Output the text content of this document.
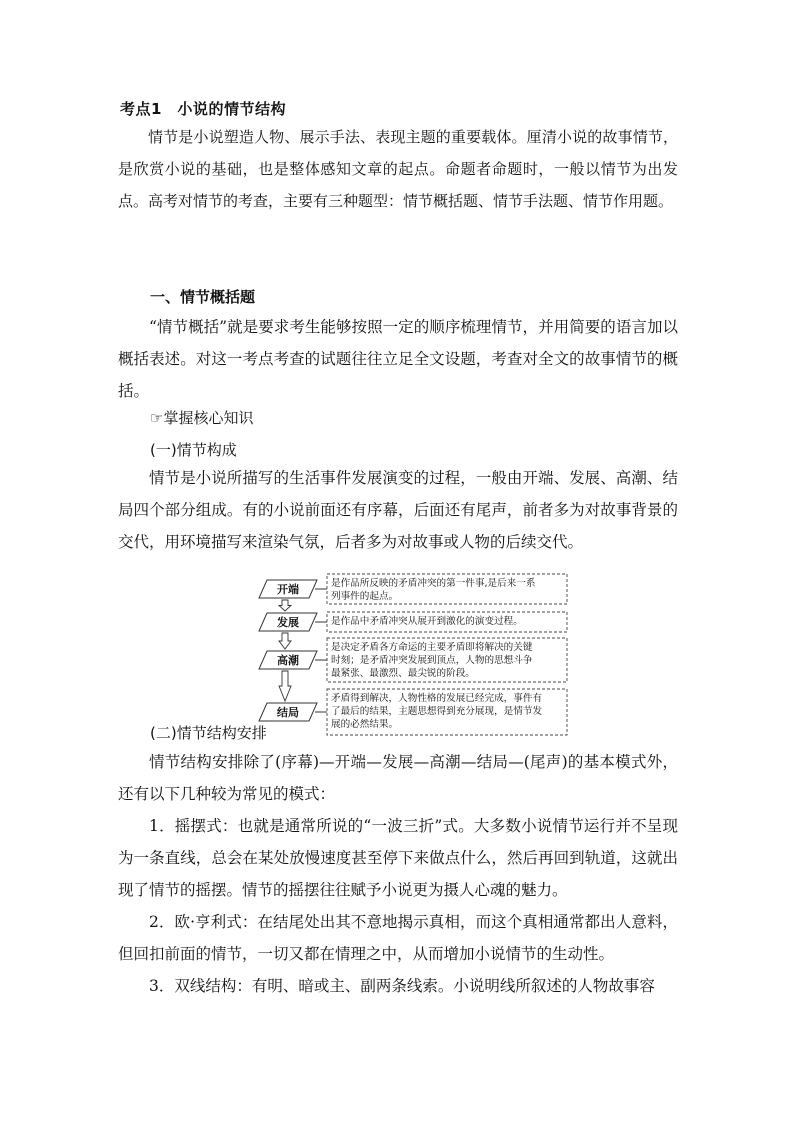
考点1　小说的情节结构

情节是小说塑造人物、展示手法、表现主题的重要载体。厘清小说的故事情节，是欣赏小说的基础，也是整体感知文章的起点。命题者命题时，一般以情节为出发点。高考对情节的考查，主要有三种题型：情节概括题、情节手法题、情节作用题。

一、情节概括题

“情节概括”就是要求考生能够按照一定的顺序梳理情节，并用简要的语言加以概括表述。对这一考点考查的试题往往立足全文设题，考查对全文的故事情节的概括。

☞掌握核心知识
(一)情节构成

情节是小说所描写的生活事件发展演变的过程，一般由开端、发展、高潮、结局四个部分组成。有的小说前面还有序幕，后面还有尾声，前者多为对故事背景的交代，用环境描写来渲染气氛，后者多为对故事或人物的后续交代。

开端	是作品所反映的矛盾冲突的第一件事,是后来一系
列事件的起点。
发展	是作品中矛盾冲突从展开到激化的演变过程。
高潮
是决定矛盾各方命运的主要矛盾即将解决的关键
时刻；是矛盾冲突发展到顶点，人物的思想斗争
最紧张、最激烈、最尖锐的阶段。
结局
矛盾得到解决，人物性格的发展已经完成，事件有
了最后的结果，主题思想得到充分展现，是情节发
展的必然结果。
(二)情节结构安排

情节结构安排除了(序幕)—开端—发展—高潮—结局—(尾声)的基本模式外，还有以下几种较为常见的模式：

1．摇摆式：也就是通常所说的“一波三折”式。大多数小说情节运行并不呈现为一条直线，总会在某处放慢速度甚至停下来做点什么，然后再回到轨道，这就出现了情节的摇摆。情节的摇摆往往赋予小说更为摄人心魂的魅力。

2．欧·亨利式：在结尾处出其不意地揭示真相，而这个真相通常都出人意料，但回扣前面的情节，一切又都在情理之中，从而增加小说情节的生动性。

3．双线结构：有明、暗或主、副两条线索。小说明线所叙述的人物故事容
